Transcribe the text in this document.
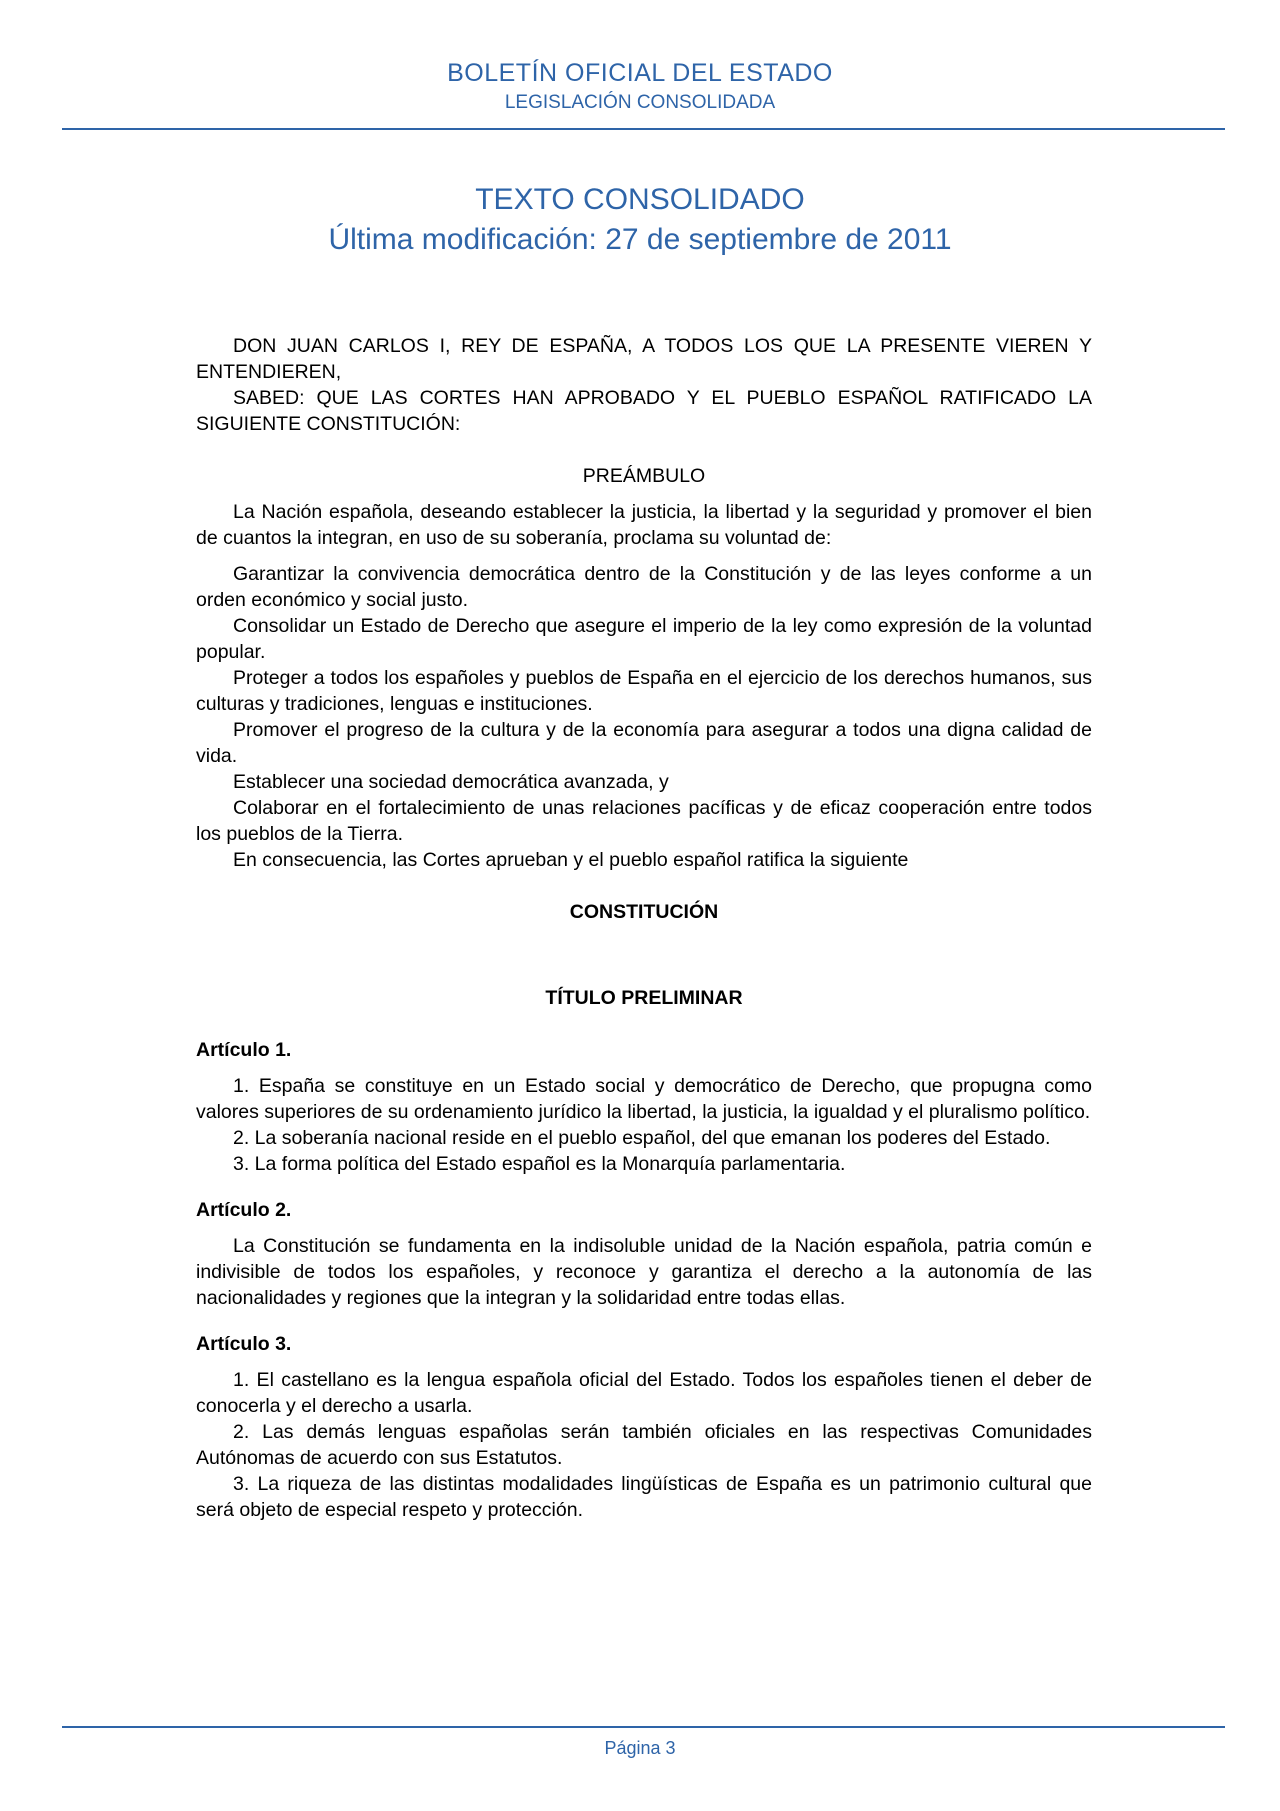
BOLETÍN OFICIAL DEL ESTADO
LEGISLACIÓN CONSOLIDADA
TEXTO CONSOLIDADO
Última modificación: 27 de septiembre de 2011

DON JUAN CARLOS I, REY DE ESPAÑA, A TODOS LOS QUE LA PRESENTE VIEREN Y ENTENDIEREN,

SABED: QUE LAS CORTES HAN APROBADO Y EL PUEBLO ESPAÑOL RATIFICADO LA SIGUIENTE CONSTITUCIÓN:

PREÁMBULO

La Nación española, deseando establecer la justicia, la libertad y la seguridad y promover el bien de cuantos la integran, en uso de su soberanía, proclama su voluntad de:

Garantizar la convivencia democrática dentro de la Constitución y de las leyes conforme a un orden económico y social justo.

Consolidar un Estado de Derecho que asegure el imperio de la ley como expresión de la voluntad popular.

Proteger a todos los españoles y pueblos de España en el ejercicio de los derechos humanos, sus culturas y tradiciones, lenguas e instituciones.

Promover el progreso de la cultura y de la economía para asegurar a todos una digna calidad de vida.

Establecer una sociedad democrática avanzada, y

Colaborar en el fortalecimiento de unas relaciones pacíficas y de eficaz cooperación entre todos los pueblos de la Tierra.

En consecuencia, las Cortes aprueban y el pueblo español ratifica la siguiente

CONSTITUCIÓN

TÍTULO PRELIMINAR

Artículo 1.

1. España se constituye en un Estado social y democrático de Derecho, que propugna como valores superiores de su ordenamiento jurídico la libertad, la justicia, la igualdad y el pluralismo político.

2. La soberanía nacional reside en el pueblo español, del que emanan los poderes del Estado.

3. La forma política del Estado español es la Monarquía parlamentaria.

Artículo 2.

La Constitución se fundamenta en la indisoluble unidad de la Nación española, patria común e indivisible de todos los españoles, y reconoce y garantiza el derecho a la autonomía de las nacionalidades y regiones que la integran y la solidaridad entre todas ellas.

Artículo 3.

1. El castellano es la lengua española oficial del Estado. Todos los españoles tienen el deber de conocerla y el derecho a usarla.

2. Las demás lenguas españolas serán también oficiales en las respectivas Comunidades Autónomas de acuerdo con sus Estatutos.

3. La riqueza de las distintas modalidades lingüísticas de España es un patrimonio cultural que será objeto de especial respeto y protección.

Página 3
